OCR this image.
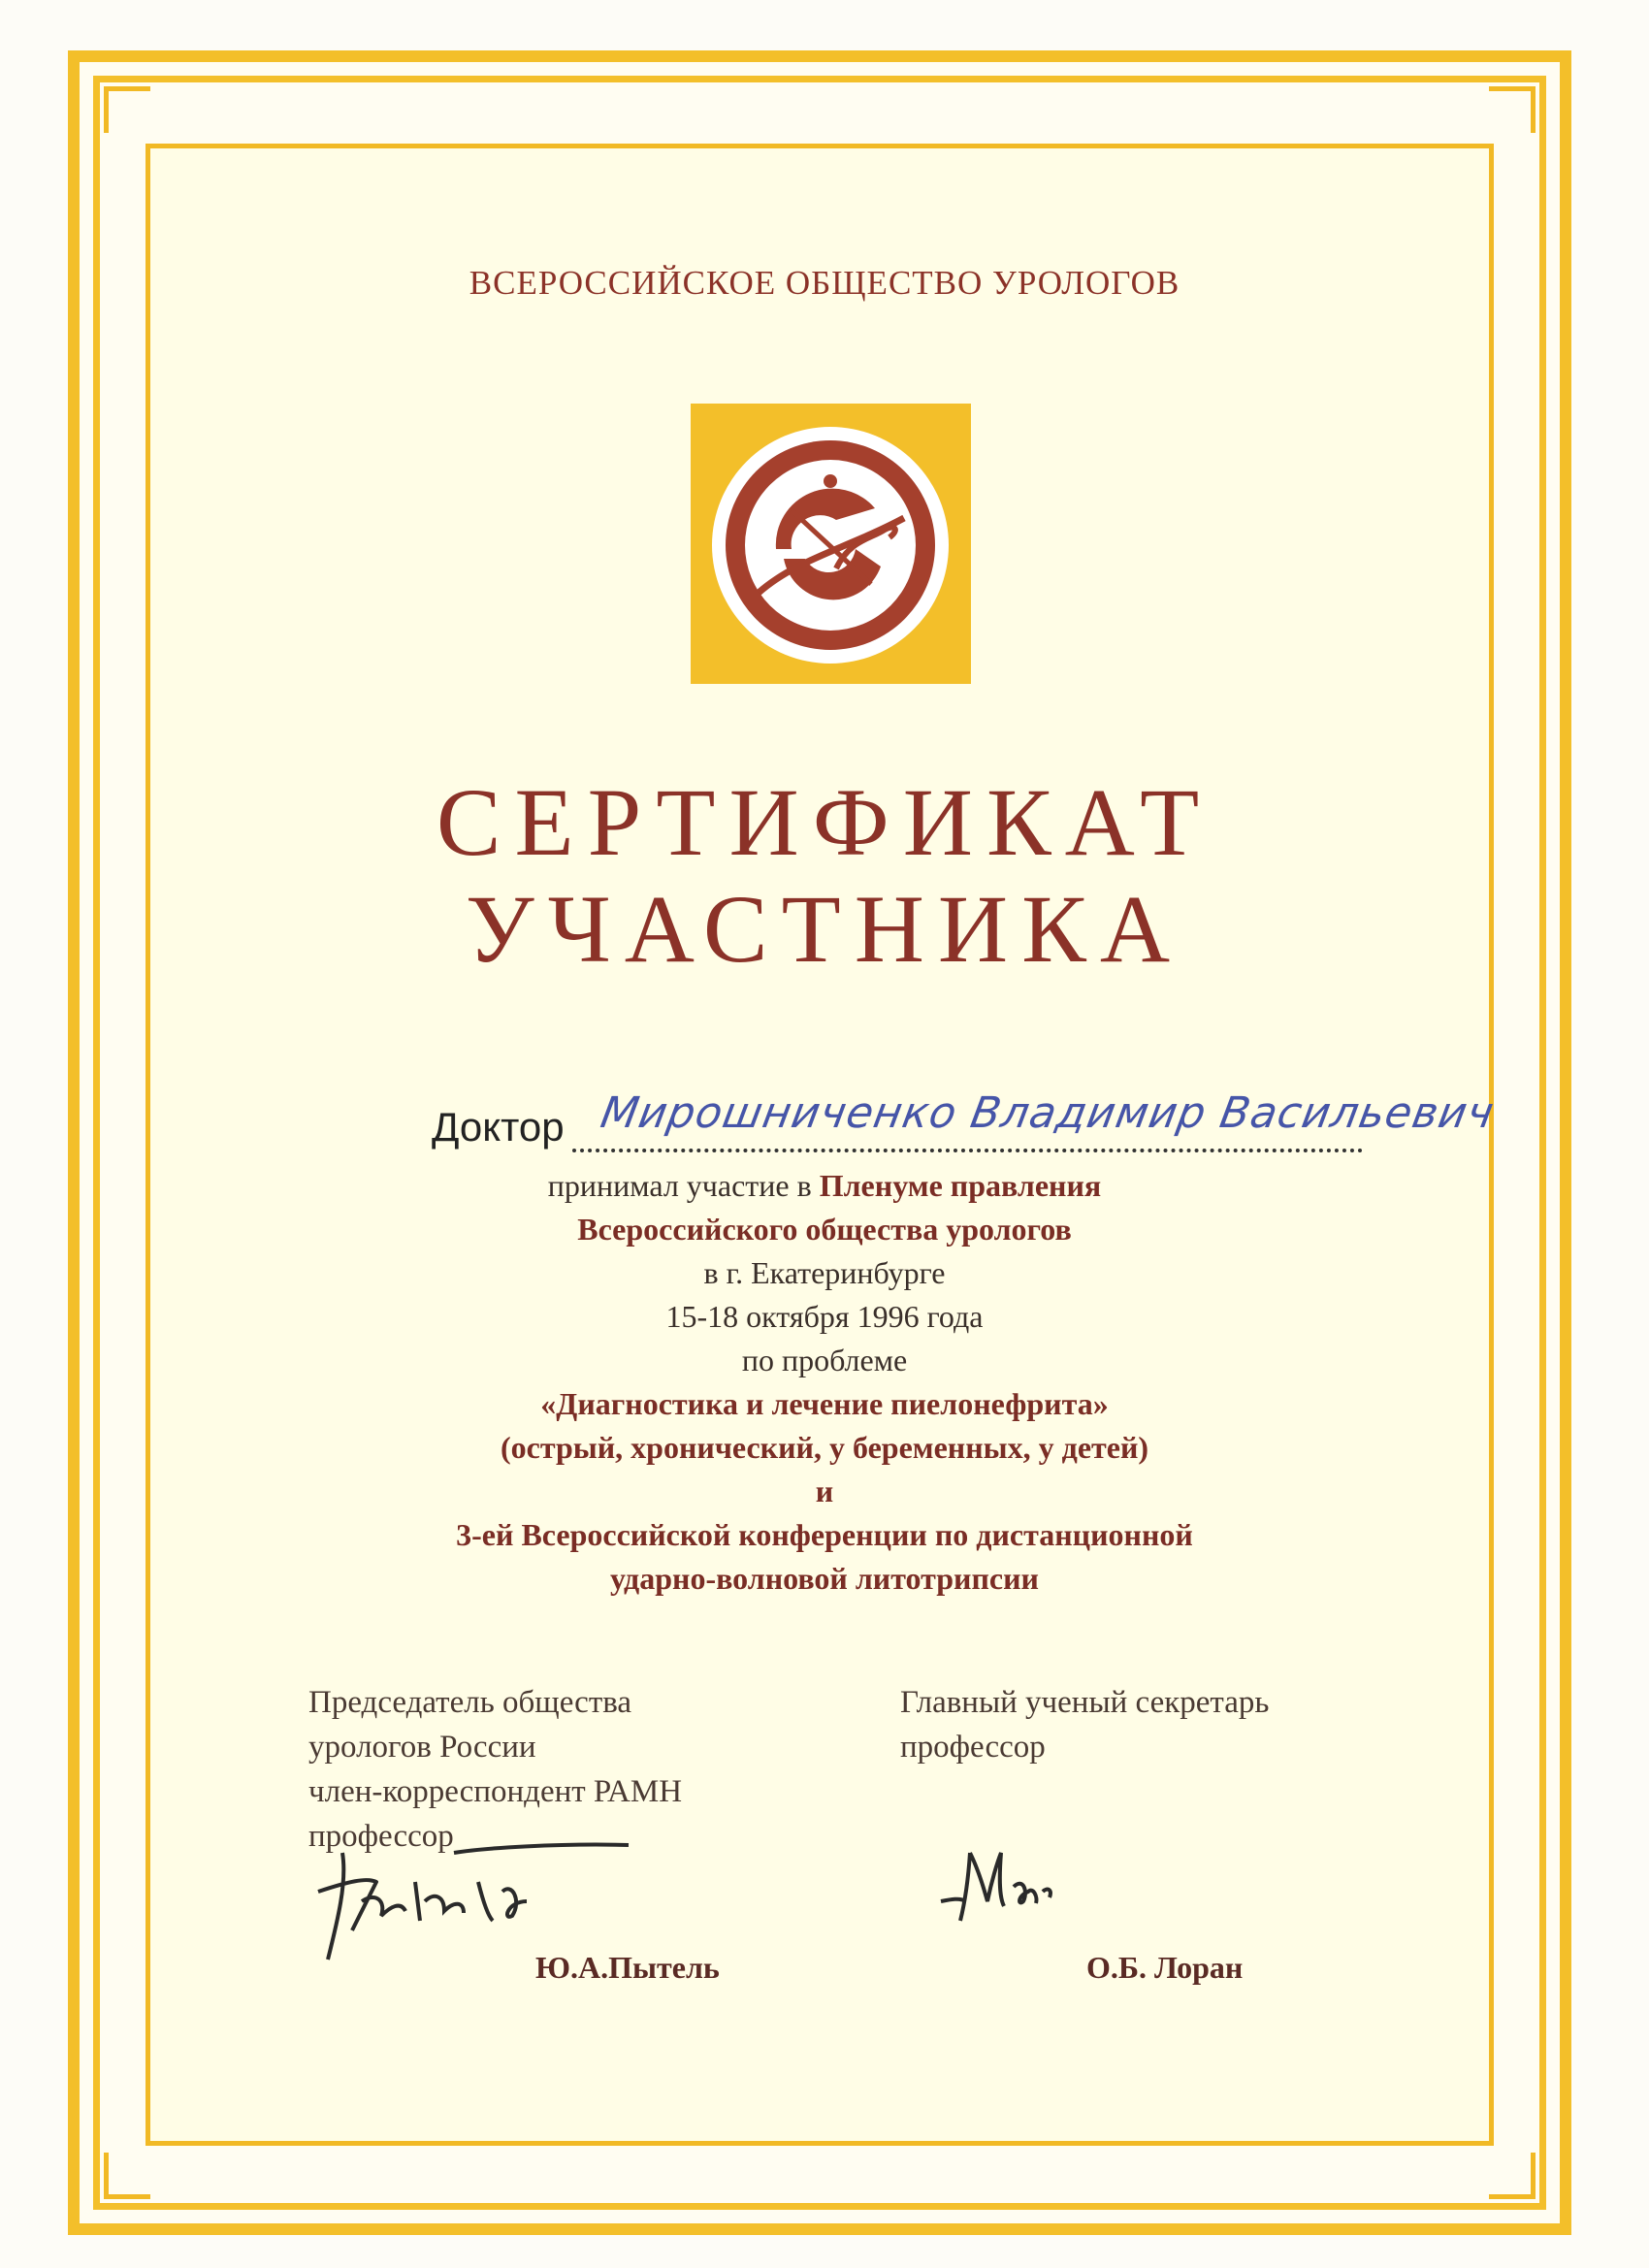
ВСЕРОССИЙСКОЕ ОБЩЕСТВО УРОЛОГОВ
СЕРТИФИКАТ
УЧАСТНИКА
Доктор Мирошниченко Владимир Васильевич
принимал участие в Пленуме правления
Всероссийского общества урологов
в г. Екатеринбурге
15-18 октября 1996 года
по проблеме
«Диагностика и лечение пиелонефрита»
(острый, хронический, у беременных, у детей)
и
3-ей Всероссийской конференции по дистанционной
ударно-волновой литотрипсии
Председатель общества
урологов России
член-корреспондент РАМН
профессор
Главный ученый секретарь
профессор
Ю.А.Пытель	О.Б. Лоран
